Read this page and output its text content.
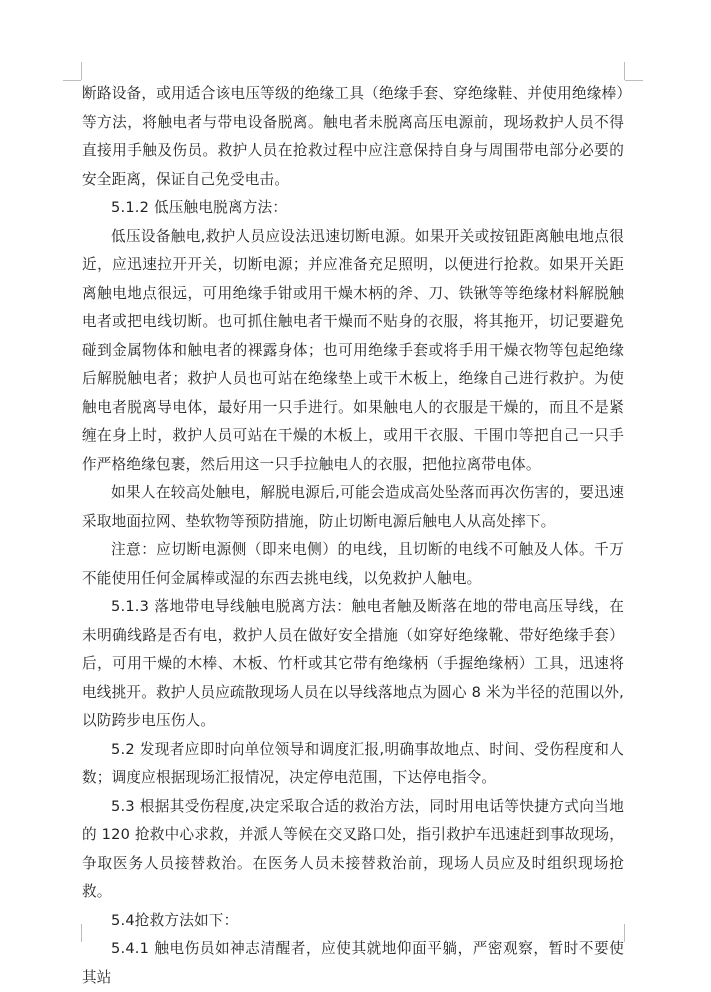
断路设备，或用适合该电压等级的绝缘工具（绝缘手套、穿绝缘鞋、并使用绝缘棒）等方法，将触电者与带电设备脱离。触电者未脱离高压电源前，现场救护人员不得直接用手触及伤员。救护人员在抢救过程中应注意保持自身与周围带电部分必要的安全距离，保证自己免受电击。

5.1.2 低压触电脱离方法：

低压设备触电,救护人员应设法迅速切断电源。如果开关或按钮距离触电地点很近，应迅速拉开开关，切断电源；并应准备充足照明，以便进行抢救。如果开关距离触电地点很远，可用绝缘手钳或用干燥木柄的斧、刀、铁锹等等绝缘材料解脱触电者或把电线切断。也可抓住触电者干燥而不贴身的衣服，将其拖开，切记要避免碰到金属物体和触电者的裸露身体；也可用绝缘手套或将手用干燥衣物等包起绝缘后解脱触电者；救护人员也可站在绝缘垫上或干木板上，绝缘自己进行救护。为使触电者脱离导电体，最好用一只手进行。如果触电人的衣服是干燥的，而且不是紧缠在身上时，救护人员可站在干燥的木板上，或用干衣服、干围巾等把自己一只手作严格绝缘包裹，然后用这一只手拉触电人的衣服，把他拉离带电体。

如果人在较高处触电，解脱电源后,可能会造成高处坠落而再次伤害的，要迅速采取地面拉网、垫软物等预防措施，防止切断电源后触电人从高处摔下。

注意：应切断电源侧（即来电侧）的电线，且切断的电线不可触及人体。千万不能使用任何金属棒或湿的东西去挑电线，以免救护人触电。

5.1.3 落地带电导线触电脱离方法：触电者触及断落在地的带电高压导线，在未明确线路是否有电，救护人员在做好安全措施（如穿好绝缘靴、带好绝缘手套）后，可用干燥的木棒、木板、竹杆或其它带有绝缘柄（手握绝缘柄）工具，迅速将电线挑开。救护人员应疏散现场人员在以导线落地点为圆心 8 米为半径的范围以外,以防跨步电压伤人。

5.2 发现者应即时向单位领导和调度汇报,明确事故地点、时间、受伤程度和人数；调度应根据现场汇报情况，决定停电范围，下达停电指令。

5.3 根据其受伤程度,决定采取合适的救治方法，同时用电话等快捷方式向当地的 120 抢救中心求救，并派人等候在交叉路口处，指引救护车迅速赶到事故现场，争取医务人员接替救治。在医务人员未接替救治前，现场人员应及时组织现场抢救。

5.4抢救方法如下：

5.4.1 触电伤员如神志清醒者，应使其就地仰面平躺，严密观察，暂时不要使其站
